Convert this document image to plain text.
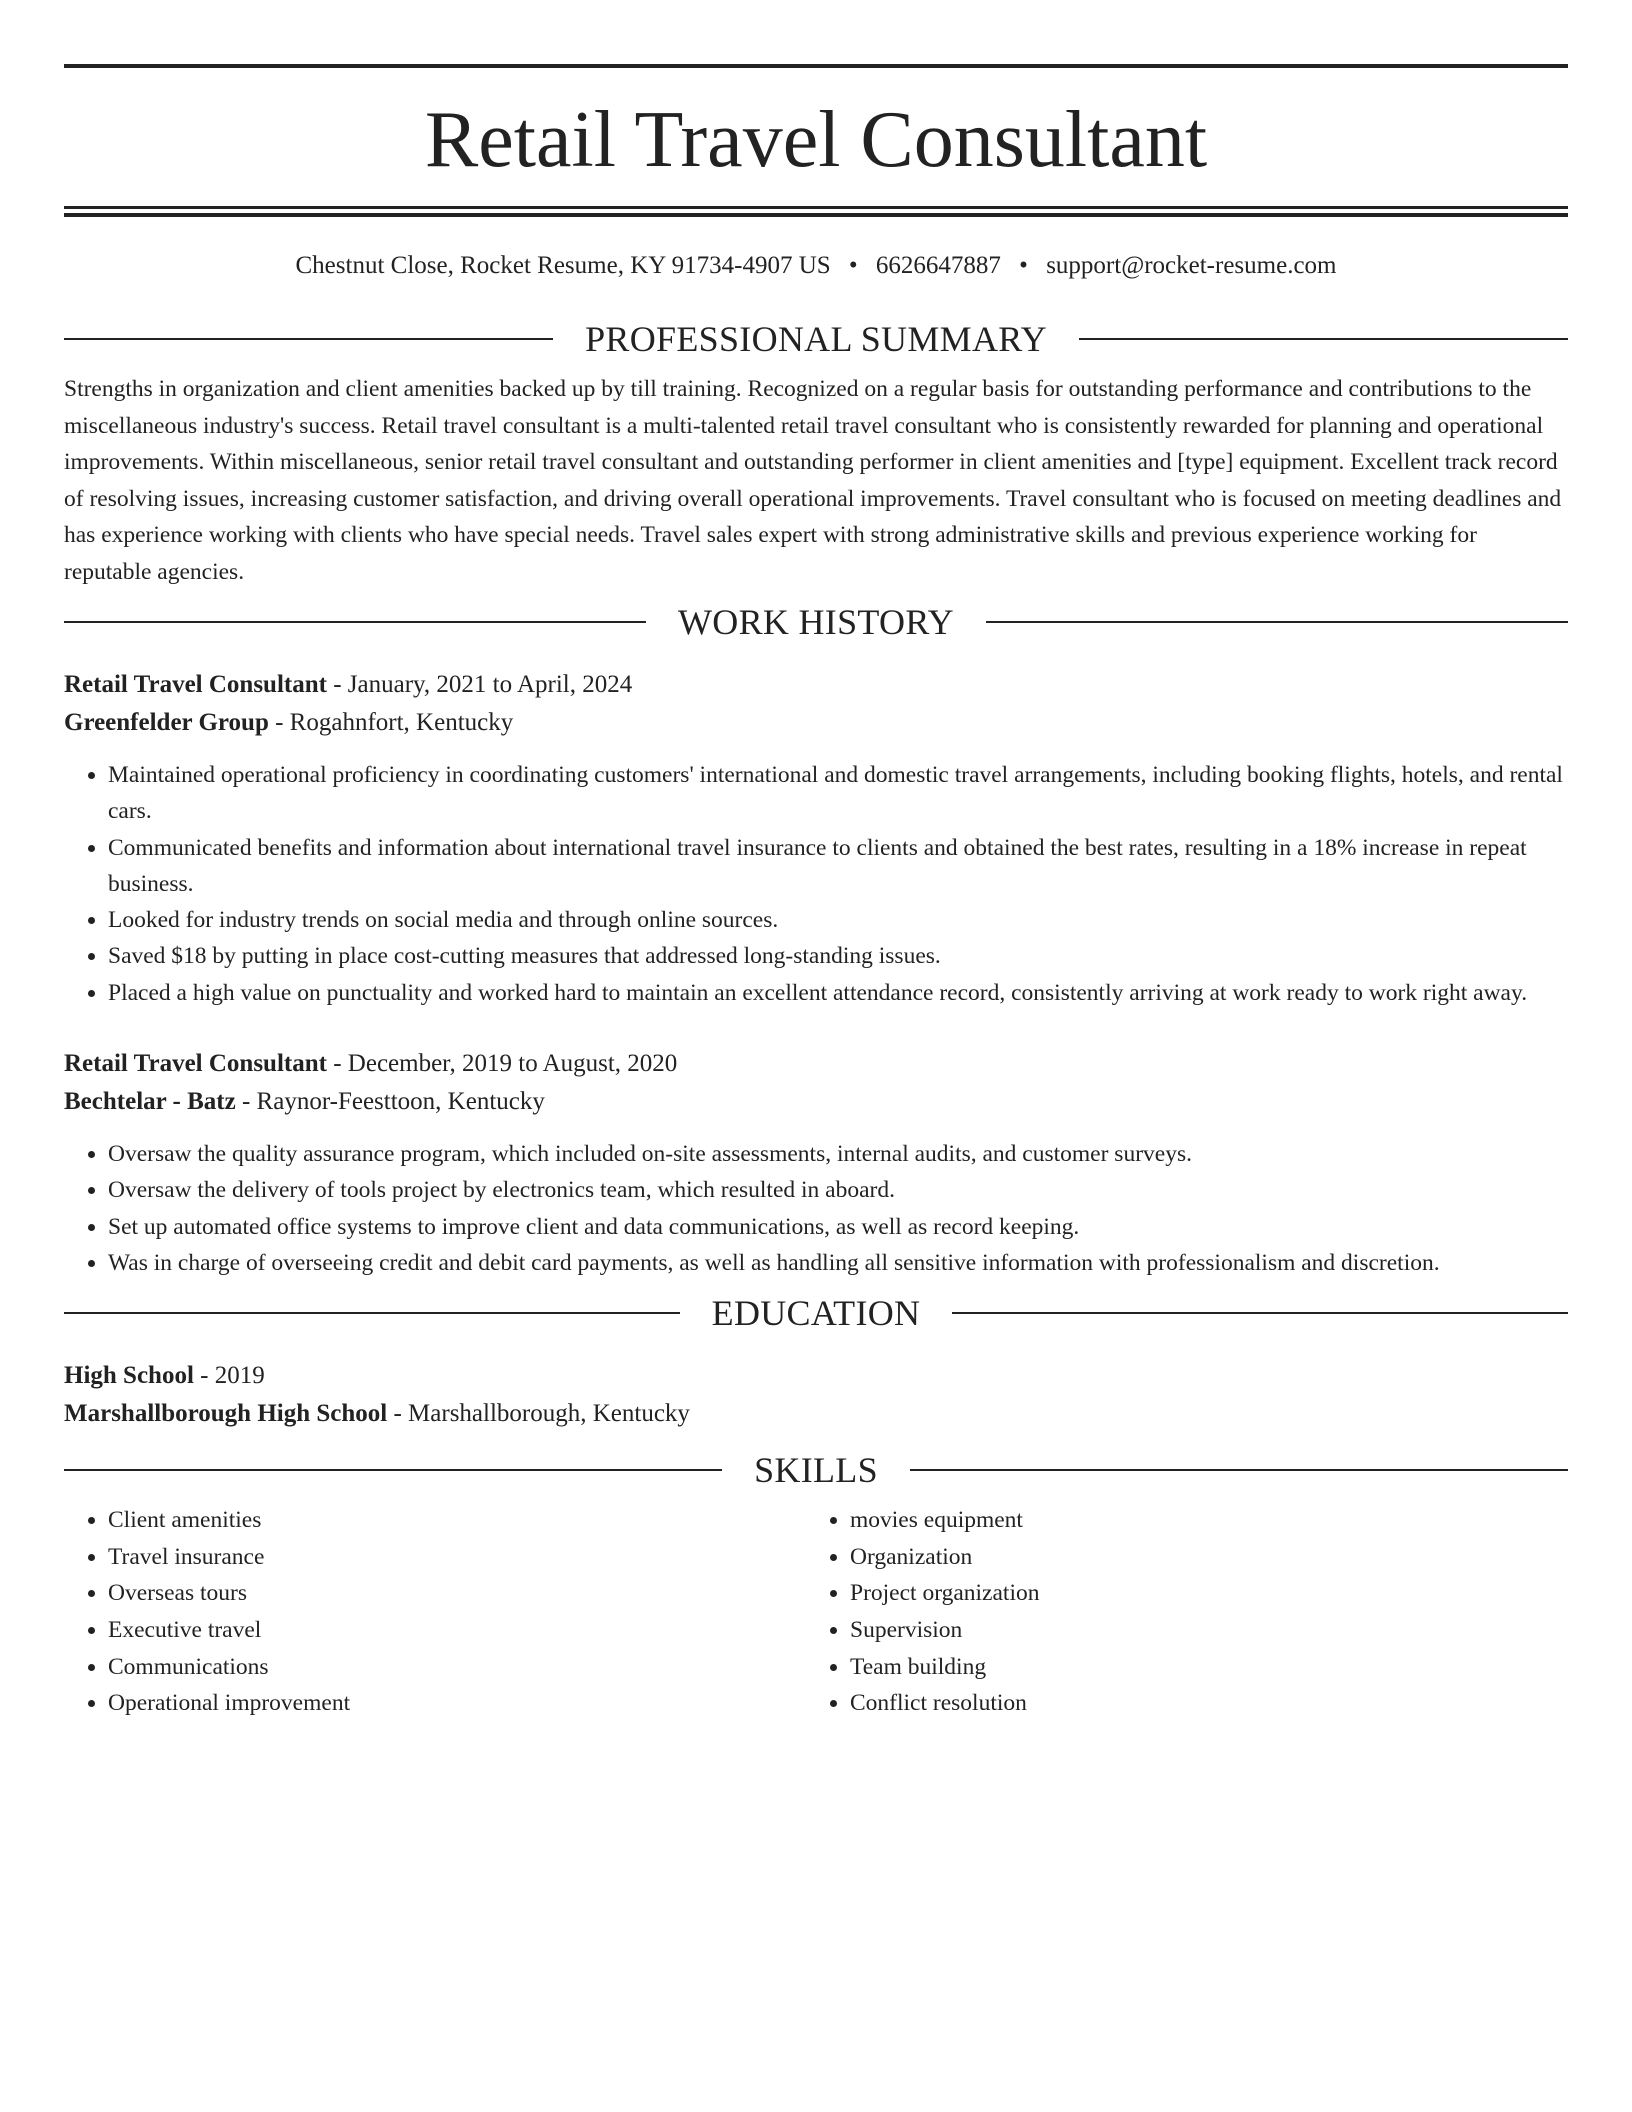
Retail Travel Consultant
Chestnut Close, Rocket Resume, KY 91734-4907 US • 6626647887 • support@rocket-resume.com
PROFESSIONAL SUMMARY

Strengths in organization and client amenities backed up by till training. Recognized on a regular basis for outstanding performance and contributions to the miscellaneous industry's success. Retail travel consultant is a multi-talented retail travel consultant who is consistently rewarded for planning and operational improvements. Within miscellaneous, senior retail travel consultant and outstanding performer in client amenities and [type] equipment. Excellent track record of resolving issues, increasing customer satisfaction, and driving overall operational improvements. Travel consultant who is focused on meeting deadlines and has experience working with clients who have special needs. Travel sales expert with strong administrative skills and previous experience working for reputable agencies.

WORK HISTORY
Retail Travel Consultant - January, 2021 to April, 2024
Greenfelder Group - Rogahnfort, Kentucky
• Maintained operational proficiency in coordinating customers' international and domestic travel arrangements, including booking flights, hotels, and rental cars.
• Communicated benefits and information about international travel insurance to clients and obtained the best rates, resulting in a 18% increase in repeat business.
• Looked for industry trends on social media and through online sources.
• Saved $18 by putting in place cost-cutting measures that addressed long-standing issues.
• Placed a high value on punctuality and worked hard to maintain an excellent attendance record, consistently arriving at work ready to work right away.
Retail Travel Consultant - December, 2019 to August, 2020
Bechtelar - Batz - Raynor-Feesttoon, Kentucky
• Oversaw the quality assurance program, which included on-site assessments, internal audits, and customer surveys.
• Oversaw the delivery of tools project by electronics team, which resulted in aboard.
• Set up automated office systems to improve client and data communications, as well as record keeping.
• Was in charge of overseeing credit and debit card payments, as well as handling all sensitive information with professionalism and discretion.
EDUCATION
High School - 2019
Marshallborough High School - Marshallborough, Kentucky
SKILLS
• Client amenities
• Travel insurance
• Overseas tours
• Executive travel
• Communications
• Operational improvement
• movies equipment
• Organization
• Project organization
• Supervision
• Team building
• Conflict resolution
